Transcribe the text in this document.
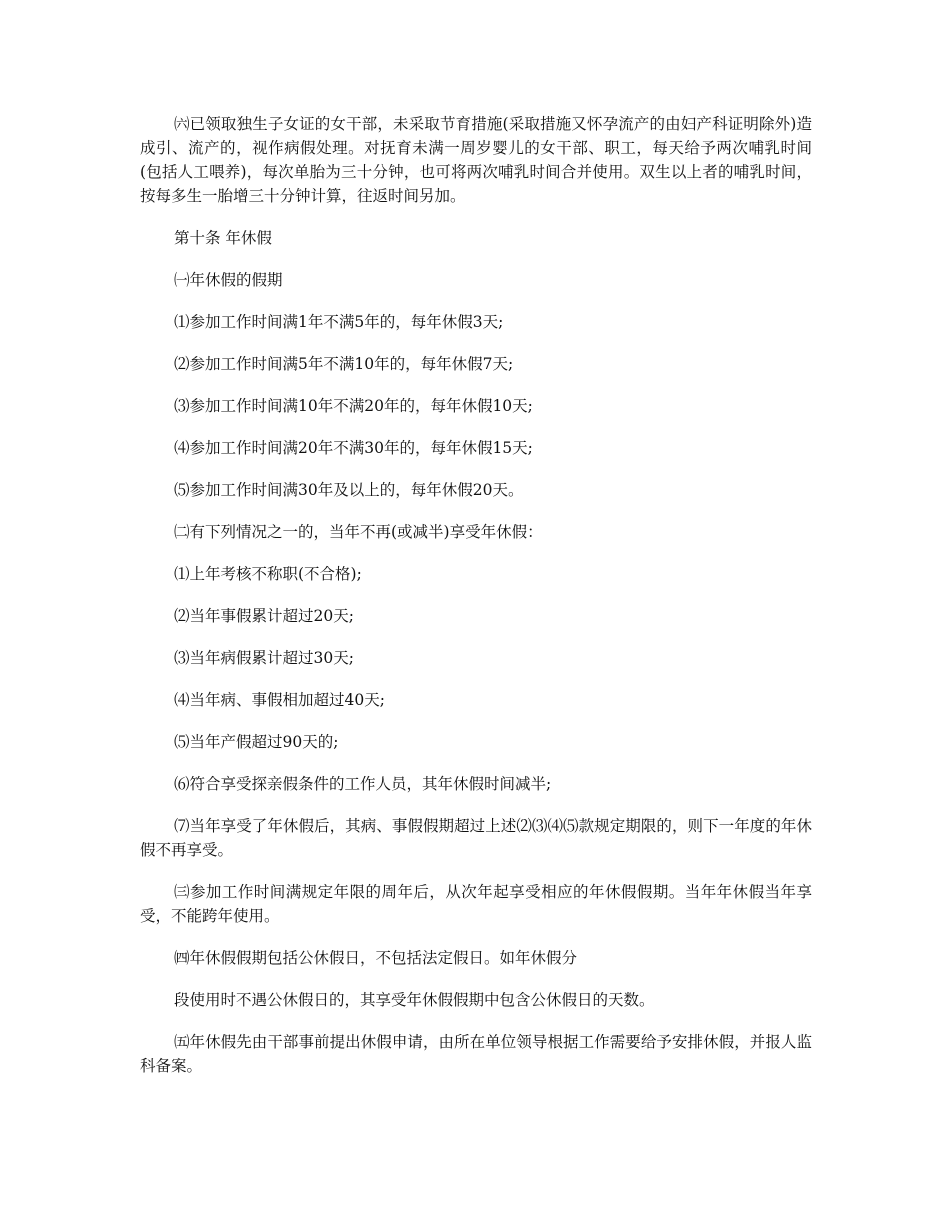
㈥已领取独生子女证的女干部，未采取节育措施(采取措施又怀孕流产的由妇产科证明除外)造成引、流产的，视作病假处理。对抚育未满一周岁婴儿的女干部、职工，每天给予两次哺乳时间(包括人工喂养)，每次单胎为三十分钟，也可将两次哺乳时间合并使用。双生以上者的哺乳时间，按每多生一胎增三十分钟计算，往返时间另加。

第十条 年休假

㈠年休假的假期

⑴参加工作时间满1年不满5年的，每年休假3天;

⑵参加工作时间满5年不满10年的，每年休假7天;

⑶参加工作时间满10年不满20年的，每年休假10天;

⑷参加工作时间满20年不满30年的，每年休假15天;

⑸参加工作时间满30年及以上的，每年休假20天。

㈡有下列情况之一的，当年不再(或减半)享受年休假：

⑴上年考核不称职(不合格);

⑵当年事假累计超过20天;

⑶当年病假累计超过30天;

⑷当年病、事假相加超过40天;

⑸当年产假超过90天的;

⑹符合享受探亲假条件的工作人员，其年休假时间减半;

⑺当年享受了年休假后，其病、事假假期超过上述⑵⑶⑷⑸款规定期限的，则下一年度的年休假不再享受。

㈢参加工作时间满规定年限的周年后，从次年起享受相应的年休假假期。当年年休假当年享受，不能跨年使用。

㈣年休假假期包括公休假日，不包括法定假日。如年休假分

段使用时不遇公休假日的，其享受年休假假期中包含公休假日的天数。

㈤年休假先由干部事前提出休假申请，由所在单位领导根据工作需要给予安排休假，并报人监科备案。
